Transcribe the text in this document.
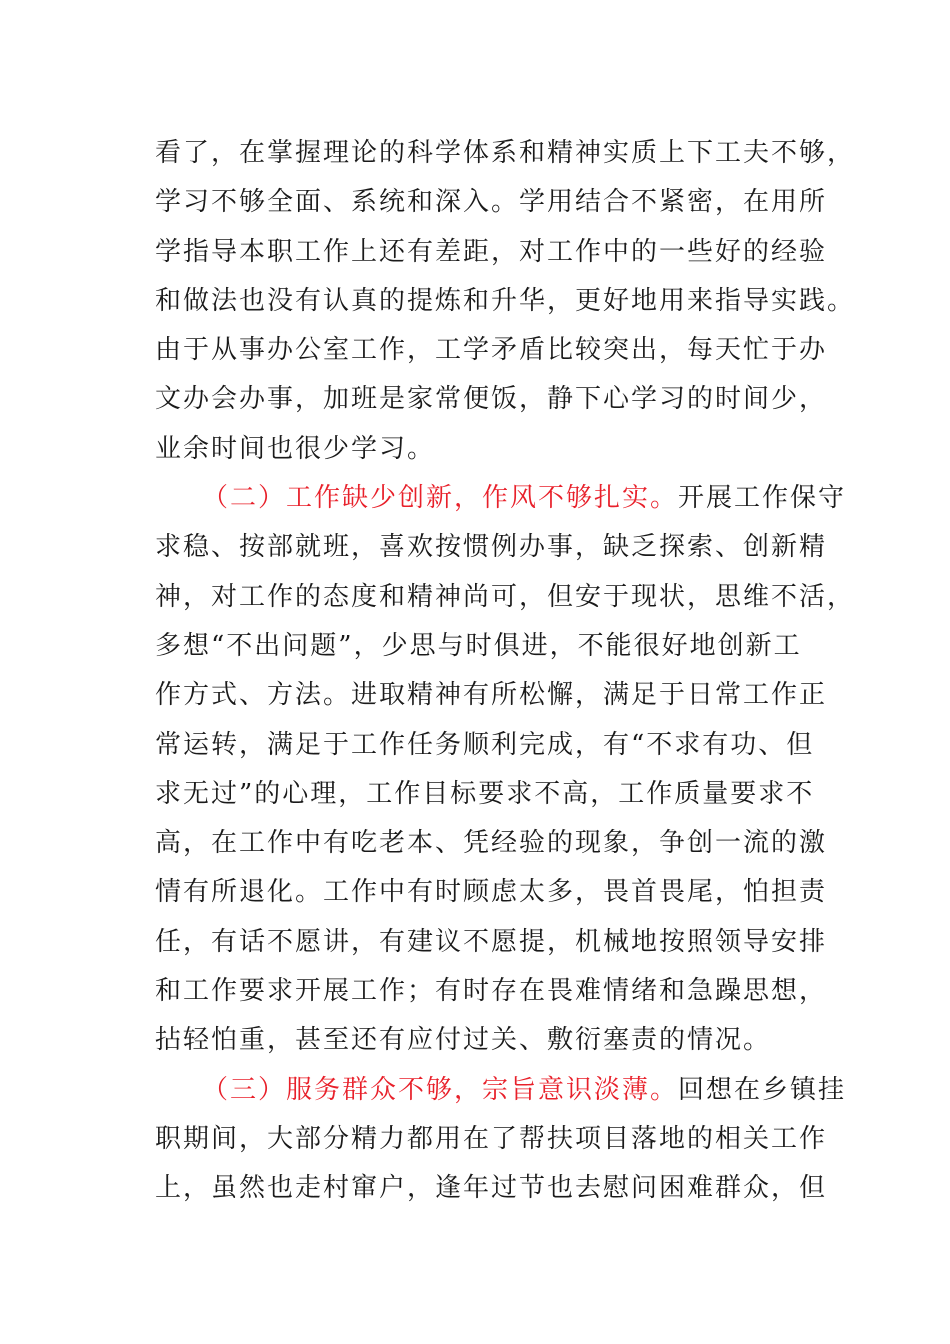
看了，在掌握理论的科学体系和精神实质上下工夫不够，
学习不够全面、系统和深入。学用结合不紧密，在用所
学指导本职工作上还有差距，对工作中的一些好的经验
和做法也没有认真的提炼和升华，更好地用来指导实践。
由于从事办公室工作，工学矛盾比较突出，每天忙于办
文办会办事，加班是家常便饭，静下心学习的时间少，
业余时间也很少学习。
（二）工作缺少创新，作风不够扎实。开展工作保守
求稳、按部就班，喜欢按惯例办事，缺乏探索、创新精
神，对工作的态度和精神尚可，但安于现状，思维不活，
多想“不出问题”，少思与时俱进，不能很好地创新工
作方式、方法。进取精神有所松懈，满足于日常工作正
常运转，满足于工作任务顺利完成，有“不求有功、但
求无过”的心理，工作目标要求不高，工作质量要求不
高，在工作中有吃老本、凭经验的现象，争创一流的激
情有所退化。工作中有时顾虑太多，畏首畏尾，怕担责
任，有话不愿讲，有建议不愿提，机械地按照领导安排
和工作要求开展工作；有时存在畏难情绪和急躁思想，
拈轻怕重，甚至还有应付过关、敷衍塞责的情况。
（三）服务群众不够，宗旨意识淡薄。回想在乡镇挂
职期间，大部分精力都用在了帮扶项目落地的相关工作
上，虽然也走村窜户，逢年过节也去慰问困难群众，但
